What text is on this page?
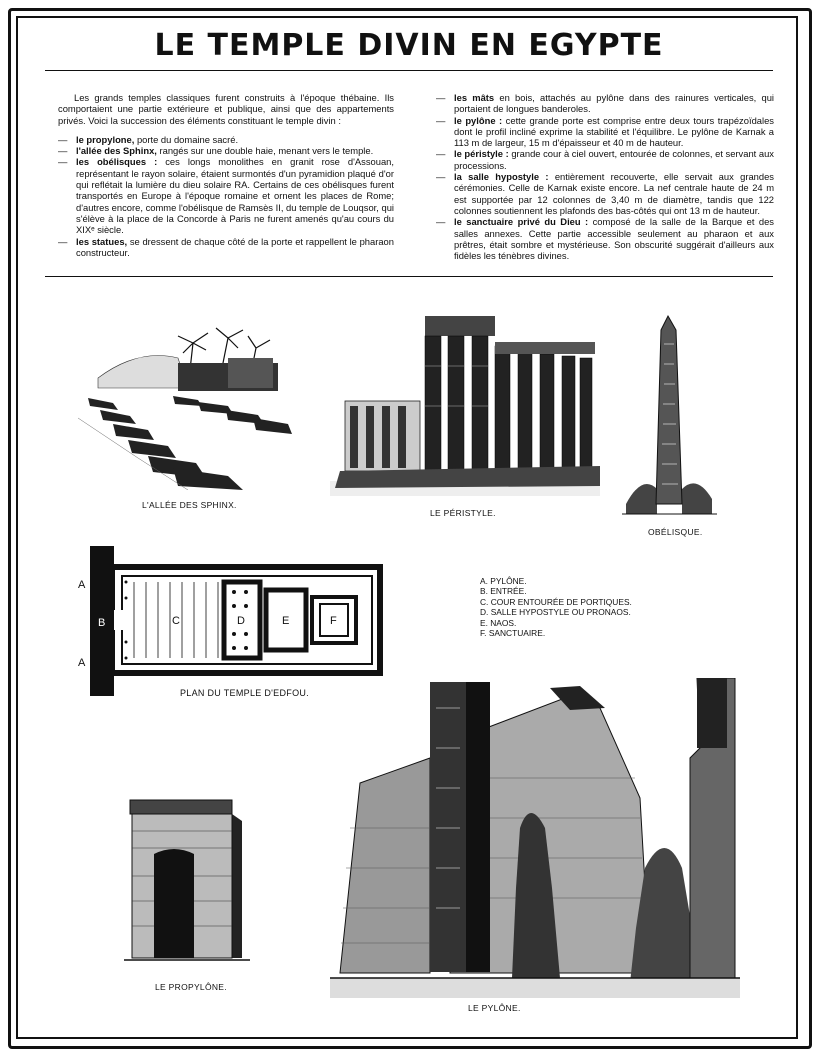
LE TEMPLE DIVIN EN EGYPTE

Les grands temples classiques furent construits à l'époque thébaine. Ils comportaient une partie extérieure et publique, ainsi que des appartements privés. Voici la succession des éléments constituant le temple divin :

— le propylone, porte du domaine sacré.
— l'allée des Sphinx, rangés sur une double haie, menant vers le temple.
— les obélisques : ces longs monolithes en granit rose d'Assouan, représentant le rayon solaire, étaient surmontés d'un pyramidion plaqué d'or qui reflétait la lumière du dieu solaire RA. Certains de ces obélisques furent transportés en Europe à l'époque romaine et ornent les places de Rome; d'autres encore, comme l'obélisque de Ramsès II, du temple de Louqsor, qui s'élève à la place de la Concorde à Paris ne furent amenés qu'au cours du XIXᵉ siècle.
— les statues, se dressent de chaque côté de la porte et rappellent le pharaon constructeur.
— les mâts en bois, attachés au pylône dans des rainures verticales, qui portaient de longues banderoles.
— le pylône : cette grande porte est comprise entre deux tours trapézoïdales dont le profil incliné exprime la stabilité et l'équilibre. Le pylône de Karnak a 113 m de largeur, 15 m d'épaisseur et 40 m de hauteur.
— le péristyle : grande cour à ciel ouvert, entourée de colonnes, et servant aux processions.
— la salle hypostyle : entièrement recouverte, elle servait aux grandes cérémonies. Celle de Karnak existe encore. La nef centrale haute de 24 m est supportée par 12 colonnes de 3,40 m de diamètre, tandis que 122 colonnes soutiennent les plafonds des bas-côtés qui ont 13 m de hauteur.
— le sanctuaire privé du Dieu : composé de la salle de la Barque et des salles annexes. Cette partie accessible seulement au pharaon et aux prêtres, était sombre et mystérieuse. Son obscurité suggérait d'ailleurs aux fidèles les ténèbres divines.
L'ALLÉE DES SPHINX.
LE PÉRISTYLE.
OBÉLISQUE.
A
B
A
C	D	E	F
PLAN DU TEMPLE D'EDFOU.
A. PYLÔNE.
B. ENTRÉE.
C. COUR ENTOURÉE DE PORTIQUES.
D. SALLE HYPOSTYLE OU PRONAOS.
E. NAOS.
F. SANCTUAIRE.
LE PROPYLÔNE.
LE PYLÔNE.
